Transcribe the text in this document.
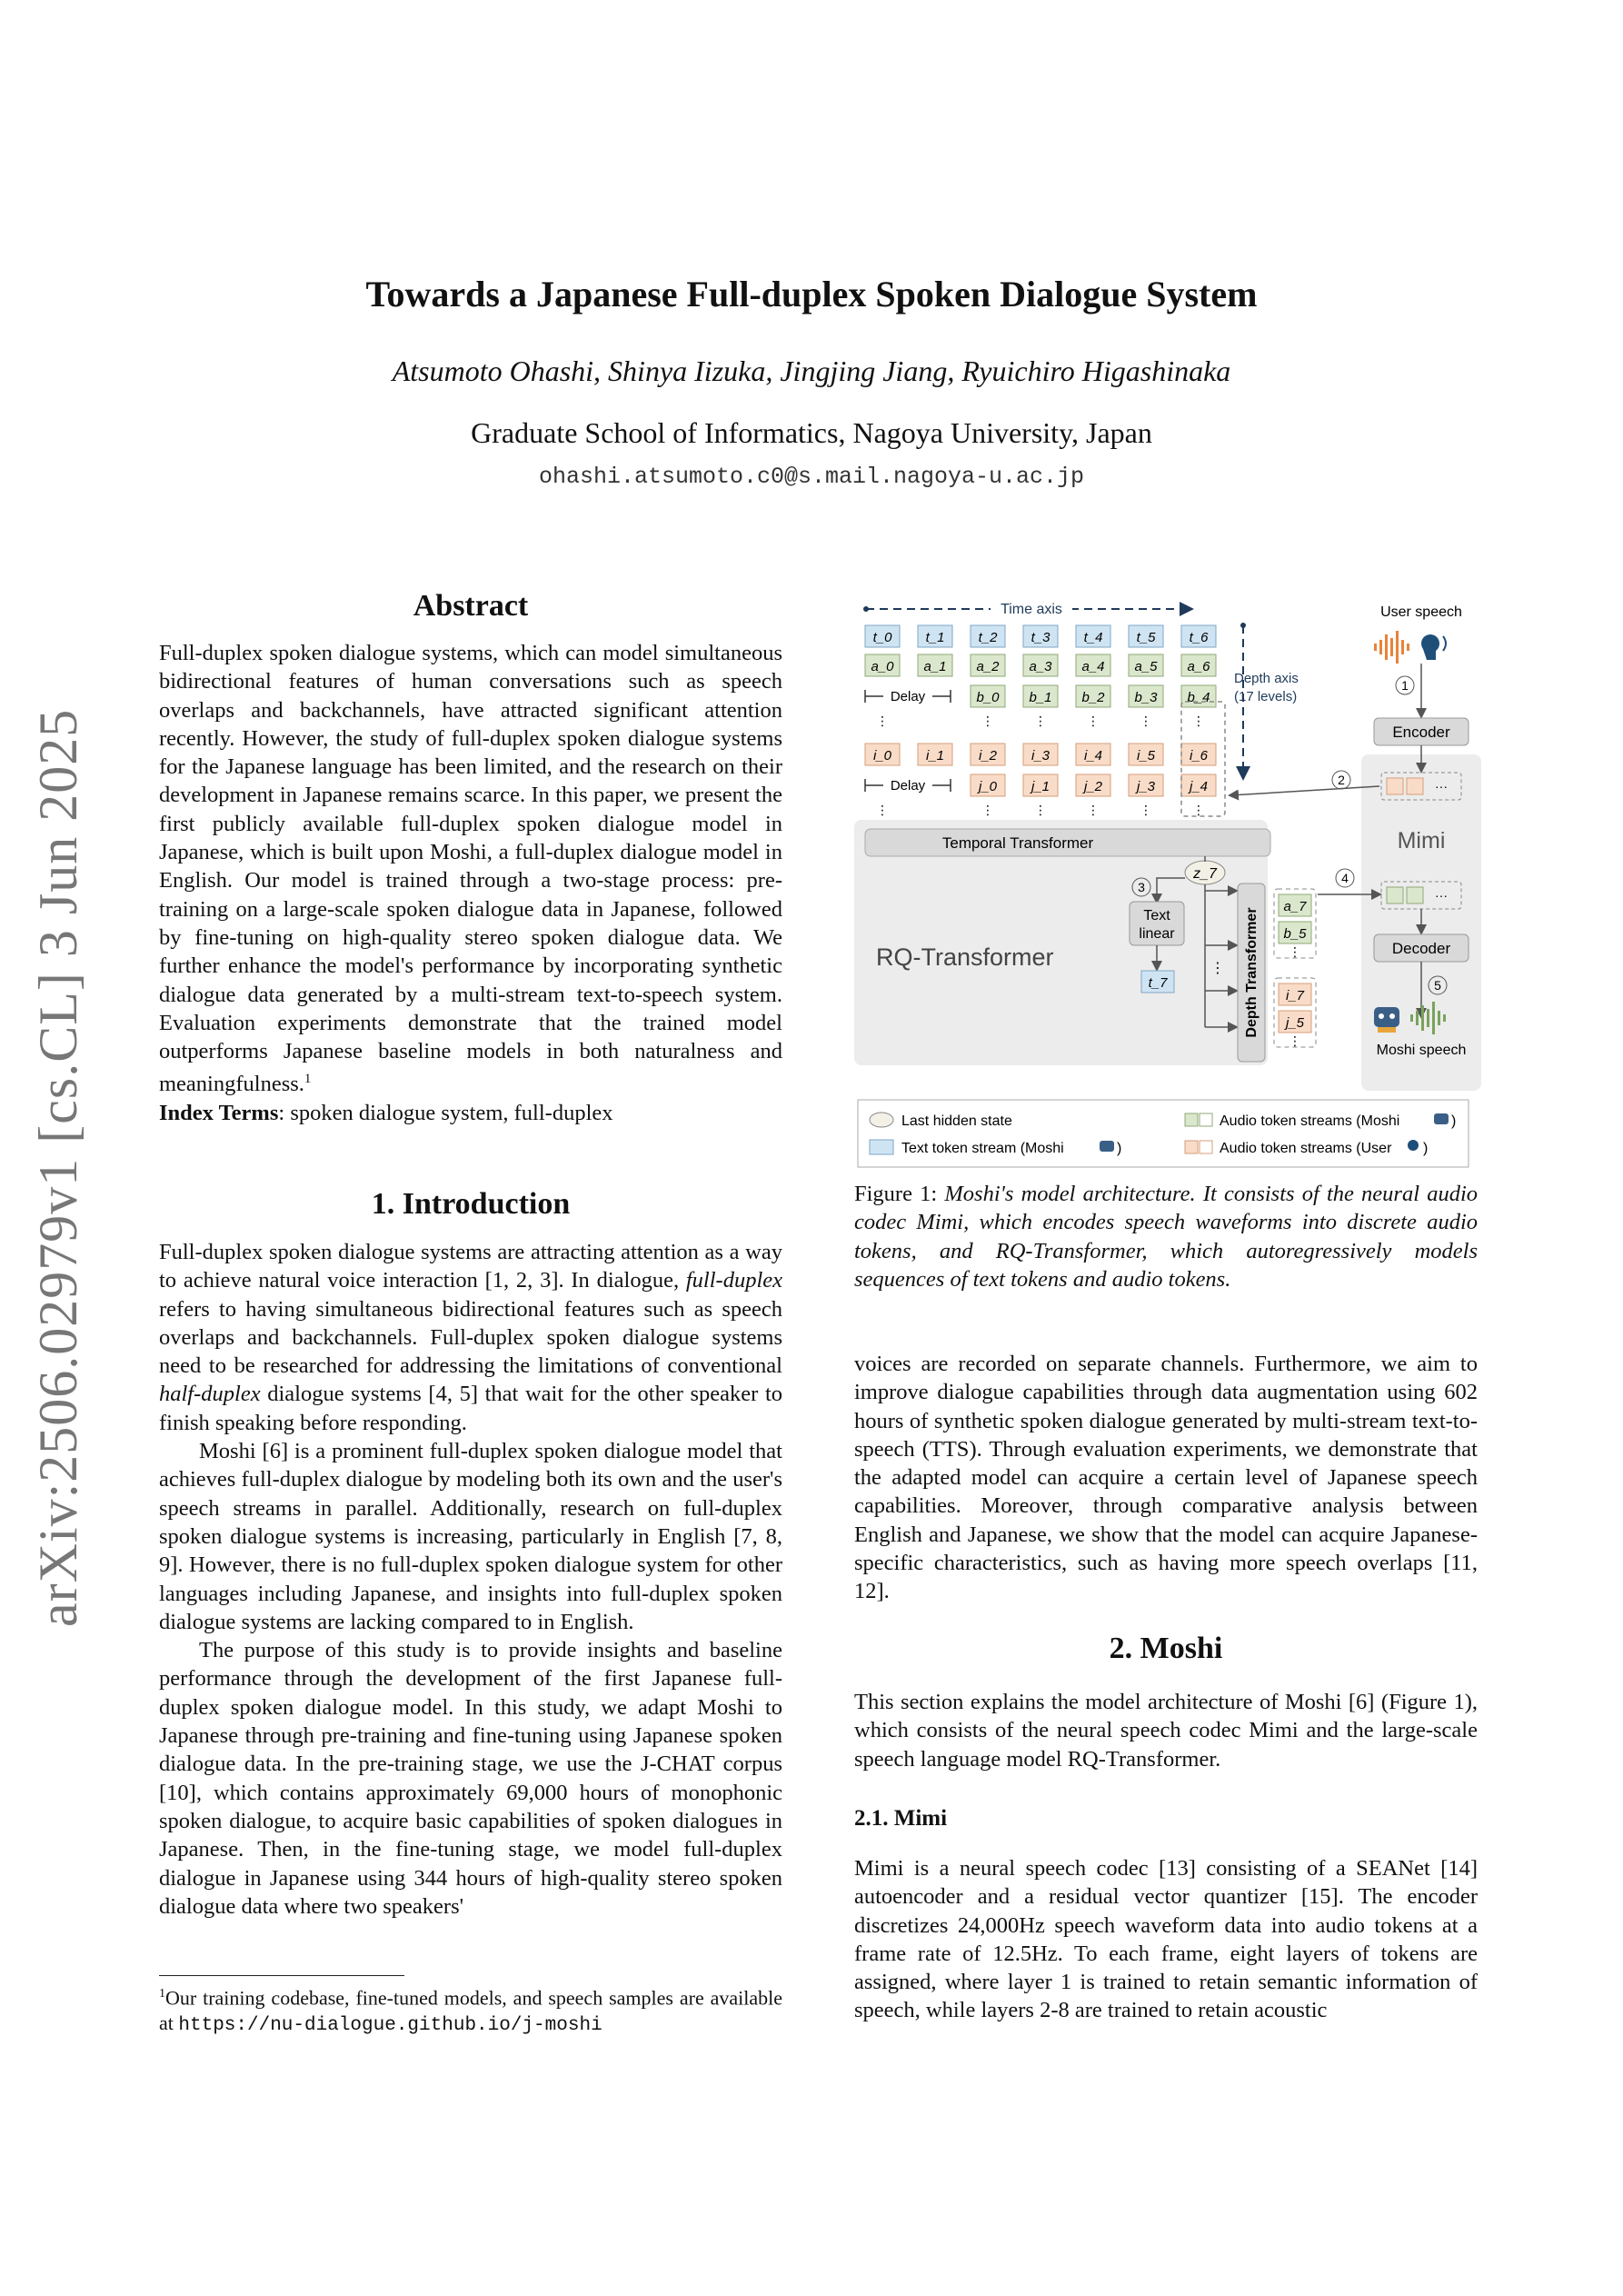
Towards a Japanese Full-duplex Spoken Dialogue System
Atsumoto Ohashi, Shinya Iizuka, Jingjing Jiang, Ryuichiro Higashinaka
Graduate School of Informatics, Nagoya University, Japan
ohashi.atsumoto.c0@s.mail.nagoya-u.ac.jp
arXiv:2506.02979v1 [cs.CL] 3 Jun 2025
Abstract

Full-duplex spoken dialogue systems, which can model simultaneous bidirectional features of human conversations such as speech overlaps and backchannels, have attracted significant attention recently. However, the study of full-duplex spoken dialogue systems for the Japanese language has been limited, and the research on their development in Japanese remains scarce. In this paper, we present the first publicly available full-duplex spoken dialogue model in Japanese, which is built upon Moshi, a full-duplex dialogue model in English. Our model is trained through a two-stage process: pre-training on a large-scale spoken dialogue data in Japanese, followed by fine-tuning on high-quality stereo spoken dialogue data. We further enhance the model's performance by incorporating synthetic dialogue data generated by a multi-stream text-to-speech system. Evaluation experiments demonstrate that the trained model outperforms Japanese baseline models in both naturalness and meaningfulness.$^1$

Index Terms: spoken dialogue system, full-duplex

1. Introduction

Full-duplex spoken dialogue systems are attracting attention as a way to achieve natural voice interaction [1, 2, 3]. In dialogue, full-duplex refers to having simultaneous bidirectional features such as speech overlaps and backchannels. Full-duplex spoken dialogue systems need to be researched for addressing the limitations of conventional half-duplex dialogue systems [4, 5] that wait for the other speaker to finish speaking before responding.

Moshi [6] is a prominent full-duplex spoken dialogue model that achieves full-duplex dialogue by modeling both its own and the user's speech streams in parallel. Additionally, research on full-duplex spoken dialogue systems is increasing, particularly in English [7, 8, 9]. However, there is no full-duplex spoken dialogue system for other languages including Japanese, and insights into full-duplex spoken dialogue systems are lacking compared to in English.

The purpose of this study is to provide insights and baseline performance through the development of the first Japanese full-duplex spoken dialogue model. In this study, we adapt Moshi to Japanese through pre-training and fine-tuning using Japanese spoken dialogue data. In the pre-training stage, we use the J-CHAT corpus [10], which contains approximately 69,000 hours of monophonic spoken dialogue, to acquire basic capabilities of spoken dialogues in Japanese. Then, in the fine-tuning stage, we model full-duplex dialogue in Japanese using 344 hours of high-quality stereo spoken dialogue data where two speakers'

$^1$Our training codebase, fine-tuned models, and speech samples are available at https://nu-dialogue.github.io/j-moshi
Time axis
Depth axis
(17 levels)
t_0 t_1 t_2 t_3 t_4 t_5 t_6
a_0 a_1 a_2 a_3 a_4 a_5 a_6
b_0 b_1 b_2 b_3 b_4
⋮	⋮	⋮	⋮	⋮	⋮
i_0	i_1	i_2	i_3	i_4	i_5	i_6
j_0	j_1	j_2	j_3	j_4
⋮	⋮	⋮	⋮	⋮	⋮
Delay
Delay
Temporal Transformer
RQ-Transformer
z_7
3
Text
linear
t_7
⋮ Depth Transformer
a_7
b_5
⋮
i_7
j_5
⋮
User speech
1
Encoder
···
2
Mimi
4
···
Decoder
5
Moshi speech
Last hidden state
Text token stream (Moshi	)
Audio token streams (Moshi	)
Audio token streams (User )
Figure 1: Moshi's model architecture. It consists of the neural audio codec Mimi, which encodes speech waveforms into discrete audio tokens, and RQ-Transformer, which autoregressively models sequences of text tokens and audio tokens.
voices are recorded on separate channels. Furthermore, we aim to improve dialogue capabilities through data augmentation using 602 hours of synthetic spoken dialogue generated by multi-stream text-to-speech (TTS). Through evaluation experiments, we demonstrate that the adapted model can acquire a certain level of Japanese speech capabilities. Moreover, through comparative analysis between English and Japanese, we show that the model can acquire Japanese-specific characteristics, such as having more speech overlaps [11, 12].
2. Moshi
This section explains the model architecture of Moshi [6] (Figure 1), which consists of the neural speech codec Mimi and the large-scale speech language model RQ-Transformer.
2.1. Mimi
Mimi is a neural speech codec [13] consisting of a SEANet [14] autoencoder and a residual vector quantizer [15]. The encoder discretizes 24,000Hz speech waveform data into audio tokens at a frame rate of 12.5Hz. To each frame, eight layers of tokens are assigned, where layer 1 is trained to retain semantic information of speech, while layers 2-8 are trained to retain acoustic
